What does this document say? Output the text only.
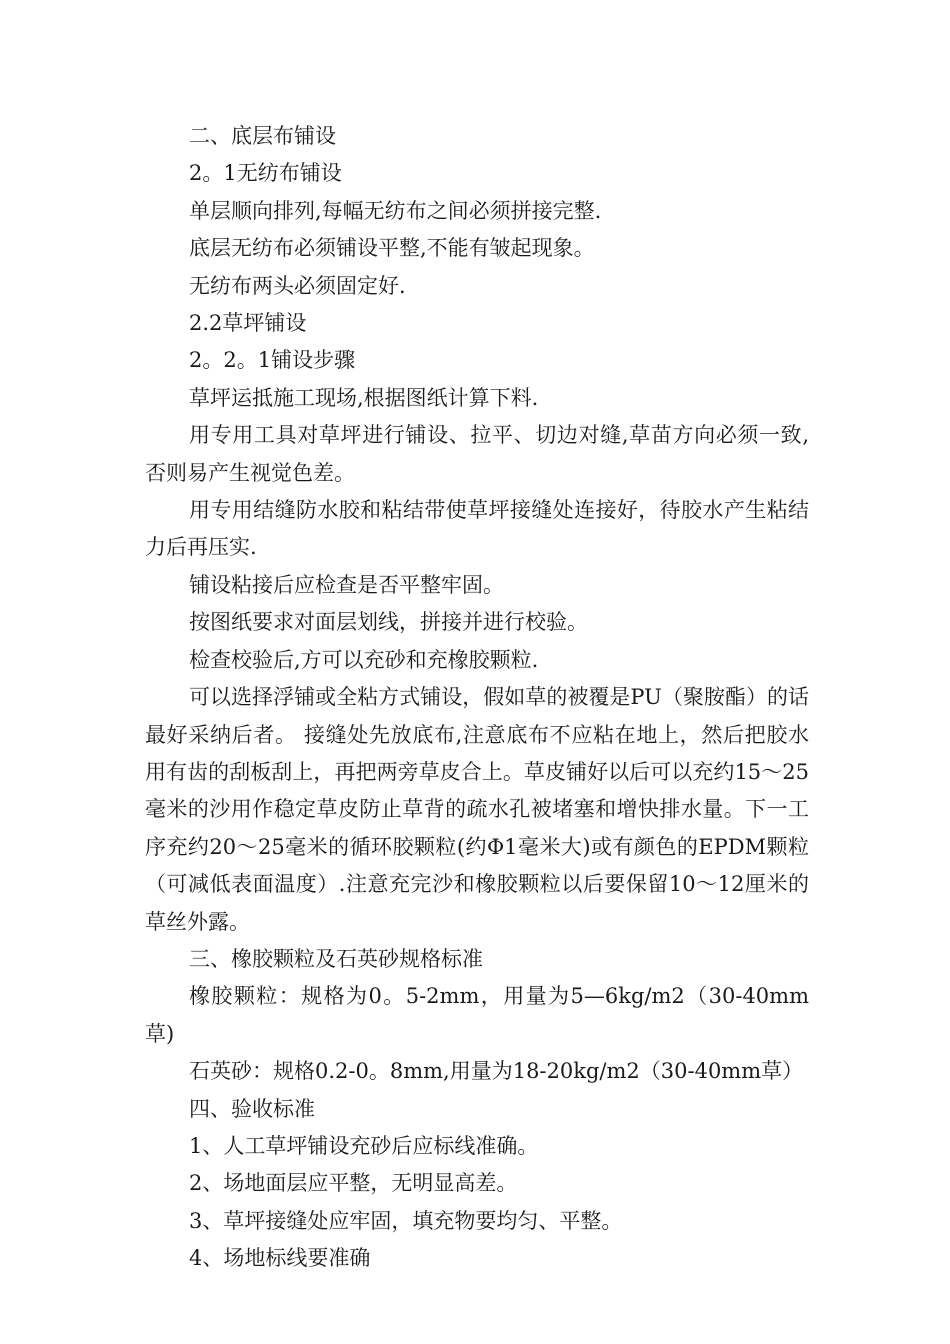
二、底层布铺设

2。1无纺布铺设

单层顺向排列,每幅无纺布之间必须拼接完整.

底层无纺布必须铺设平整,不能有皱起现象。

无纺布两头必须固定好.

2.2草坪铺设

2。2。1铺设步骤

草坪运抵施工现场,根据图纸计算下料.

用专用工具对草坪进行铺设、拉平、切边对缝,草苗方向必须一致,否则易产生视觉色差。

用专用结缝防水胶和粘结带使草坪接缝处连接好，待胶水产生粘结力后再压实.

铺设粘接后应检查是否平整牢固。

按图纸要求对面层划线，拼接并进行校验。

检查校验后,方可以充砂和充橡胶颗粒.

可以选择浮铺或全粘方式铺设，假如草的被覆是PU（聚胺酯）的话最好采纳后者。 接缝处先放底布,注意底布不应粘在地上，然后把胶水用有齿的刮板刮上，再把两旁草皮合上。草皮铺好以后可以充约15～25毫米的沙用作稳定草皮防止草背的疏水孔被堵塞和增快排水量。下一工序充约20～25毫米的循环胶颗粒(约Φ1毫米大)或有颜色的EPDM颗粒（可减低表面温度）.注意充完沙和橡胶颗粒以后要保留10～12厘米的草丝外露。

三、橡胶颗粒及石英砂规格标准

橡胶颗粒：规格为0。5-2mm，用量为5—6kg/m2（30-40mm草)

石英砂：规格0.2-0。8mm,用量为18-20kg/m2（30-40mm草）

四、验收标准

1、人工草坪铺设充砂后应标线准确。

2、场地面层应平整，无明显高差。

3、草坪接缝处应牢固，填充物要均匀、平整。

4、场地标线要准确
